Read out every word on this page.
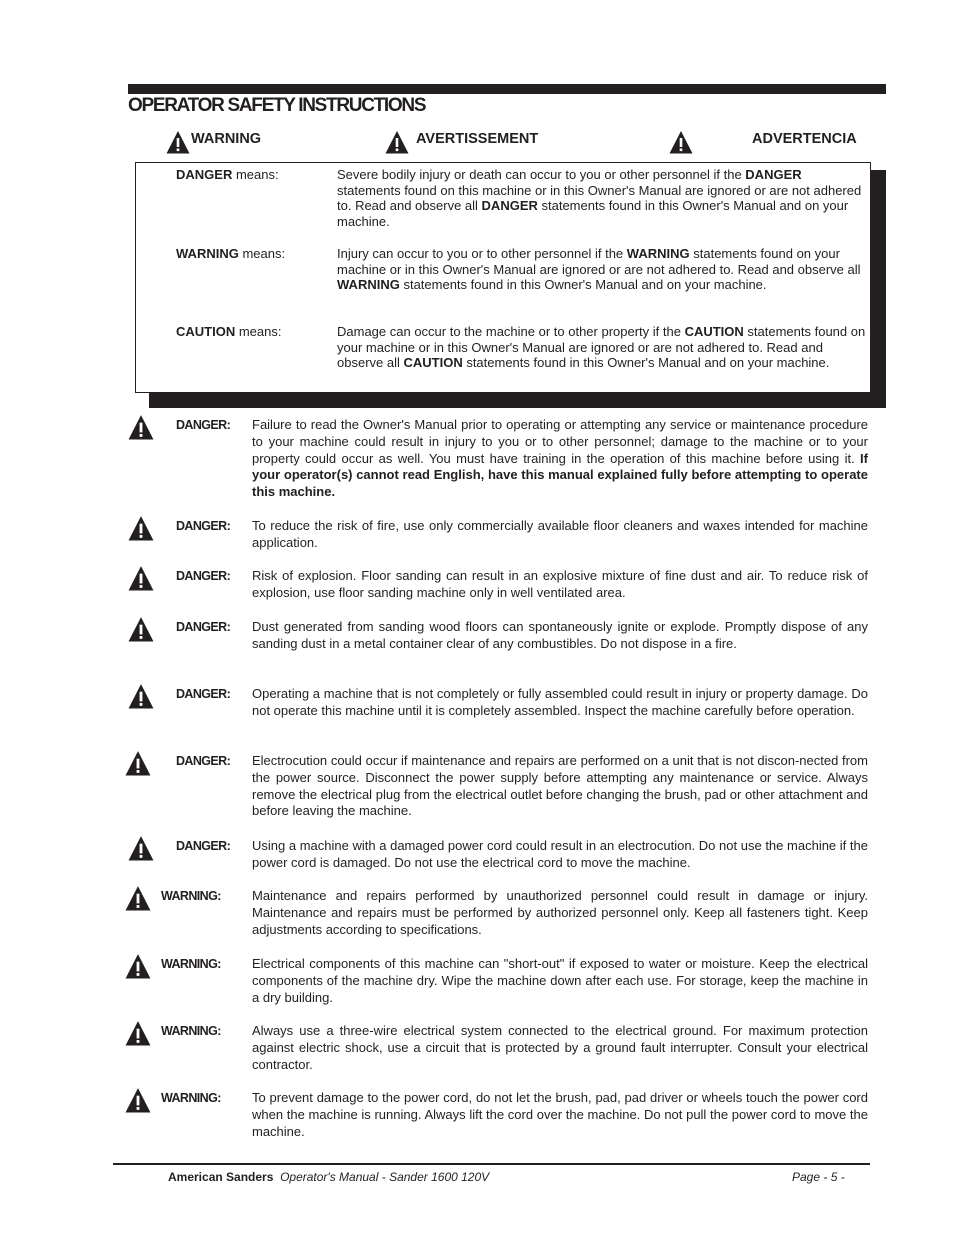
OPERATOR SAFETY INSTRUCTIONS
WARNING	AVERTISSEMENT	ADVERTENCIA
DANGER means:	Severe bodily injury or death can occur to you or other personnel if the DANGER statements found on this machine or in this Owner's Manual are ignored or are not adhered to. Read and observe all DANGER statements found in this Owner's Manual and on your machine.
WARNING means:	Injury can occur to you or to other personnel if the WARNING statements found on your machine or in this Owner's Manual are ignored or are not adhered to. Read and observe all WARNING statements found in this Owner's Manual and on your machine.
CAUTION means:	Damage can occur to the machine or to other property if the CAUTION statements found on your machine or in this Owner's Manual are ignored or are not adhered to. Read and observe all CAUTION statements found in this Owner's Manual and on your machine.
DANGER: Failure to read the Owner's Manual prior to operating or attempting any service or maintenance procedure to your machine could result in injury to you or to other personnel; damage to the machine or to your property could occur as well. You must have training in the operation of this machine before using it. If your operator(s) cannot read English, have this manual explained fully before attempting to operate this machine.
DANGER: To reduce the risk of fire, use only commercially available floor cleaners and waxes intended for machine application.
DANGER: Risk of explosion. Floor sanding can result in an explosive mixture of fine dust and air. To reduce risk of explosion, use floor sanding machine only in well ventilated area.
DANGER: Dust generated from sanding wood floors can spontaneously ignite or explode. Promptly dispose of any sanding dust in a metal container clear of any combustibles. Do not dispose in a fire.
DANGER: Operating a machine that is not completely or fully assembled could result in injury or property damage. Do not operate this machine until it is completely assembled. Inspect the machine carefully before operation.
DANGER: Electrocution could occur if maintenance and repairs are performed on a unit that is not discon-nected from the power source. Disconnect the power supply before attempting any maintenance or service. Always remove the electrical plug from the electrical outlet before changing the brush, pad or other attachment and before leaving the machine.
DANGER: Using a machine with a damaged power cord could result in an electrocution. Do not use the machine if the power cord is damaged. Do not use the electrical cord to move the machine.
WARNING: Maintenance and repairs performed by unauthorized personnel could result in damage or injury. Maintenance and repairs must be performed by authorized personnel only. Keep all fasteners tight. Keep adjustments according to specifications.
WARNING: Electrical components of this machine can "short-out" if exposed to water or moisture. Keep the electrical components of the machine dry. Wipe the machine down after each use. For storage, keep the machine in a dry building.
WARNING: Always use a three-wire electrical system connected to the electrical ground. For maximum protection against electric shock, use a circuit that is protected by a ground fault interrupter. Consult your electrical contractor.
WARNING: To prevent damage to the power cord, do not let the brush, pad, pad driver or wheels touch the power cord when the machine is running. Always lift the cord over the machine. Do not pull the power cord to move the machine.
American Sanders Operator's Manual - Sander 1600 120V	Page - 5 -
